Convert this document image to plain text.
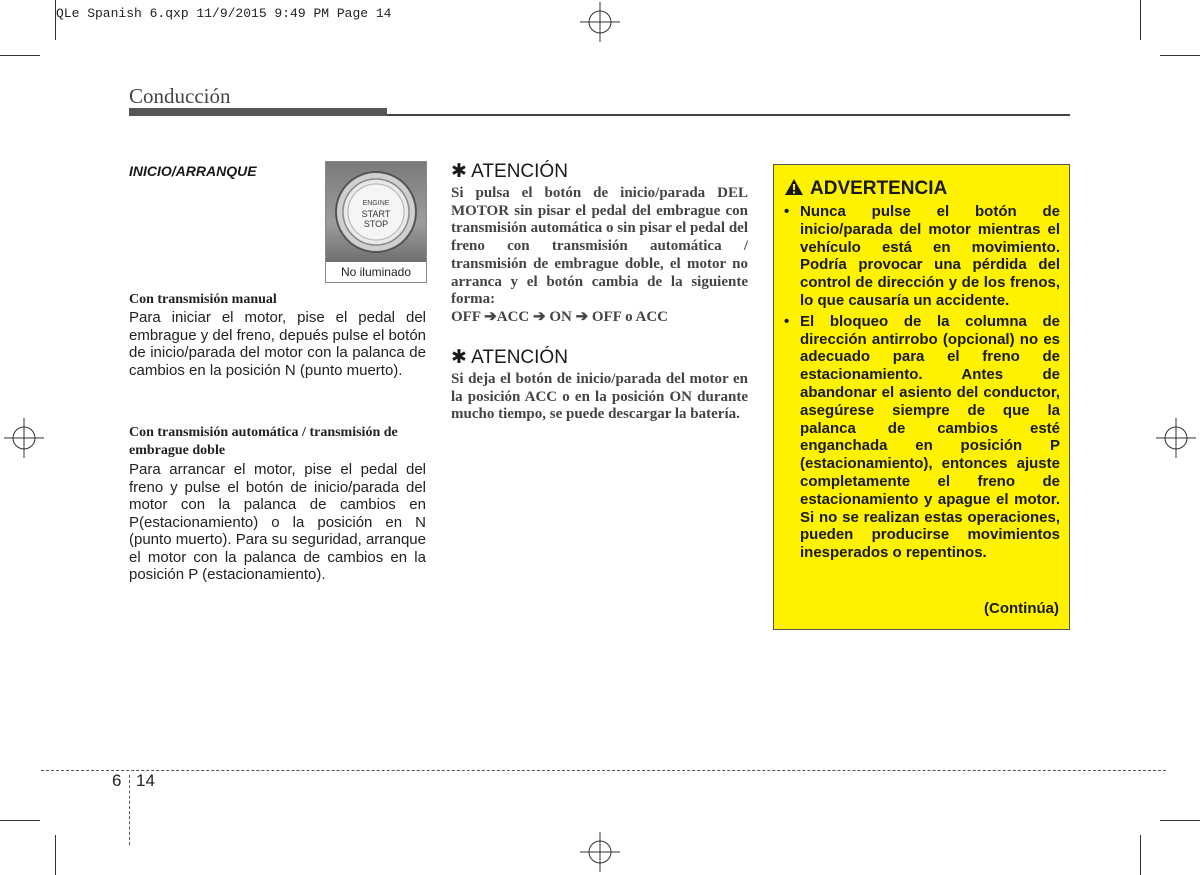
QLe Spanish 6.qxp 11/9/2015 9:49 PM Page 14
Conducción
INICIO/ARRANQUE
ENGINE
START
STOP
No iluminado
Con transmisión manual
Para iniciar el motor, pise el pedal del embrague y del freno, depués pulse el botón de inicio/parada del motor con la palanca de cambios en la posición N (punto muerto).
Con transmisión automática / transmisión de embrague doble
Para arrancar el motor, pise el pedal del freno y pulse el botón de inicio/parada del motor con la palanca de cambios en P(estacionamiento) o la posición en N (punto muerto). Para su seguridad, arranque el motor con la palanca de cambios en la posición P (estacionamiento).
✱ ATENCIÓN
Si pulsa el botón de inicio/parada DEL MOTOR sin pisar el pedal del embrague con transmisión automática o sin pisar el pedal del freno con transmisión automática / transmisión de embrague doble, el motor no arranca y el botón cambia de la siguiente forma:
OFF ➔ACC ➔ ON ➔ OFF o ACC
✱ ATENCIÓN
Si deja el botón de inicio/parada del motor en la posición ACC o en la posición ON durante mucho tiempo, se puede descargar la batería.
ADVERTENCIA
• Nunca pulse el botón de inicio/parada del motor mientras el vehículo está en movimiento. Podría provocar una pérdida del control de dirección y de los frenos, lo que causaría un accidente.
• El bloqueo de la columna de dirección antirrobo (opcional) no es adecuado para el freno de estacionamiento. Antes de abandonar el asiento del conductor, asegúrese siempre de que la palanca de cambios esté enganchada en posición P (estacionamiento), entonces ajuste completamente el freno de estacionamiento y apague el motor. Si no se realizan estas operaciones, pueden producirse movimientos inesperados o repentinos.
(Continúa)
6 14
